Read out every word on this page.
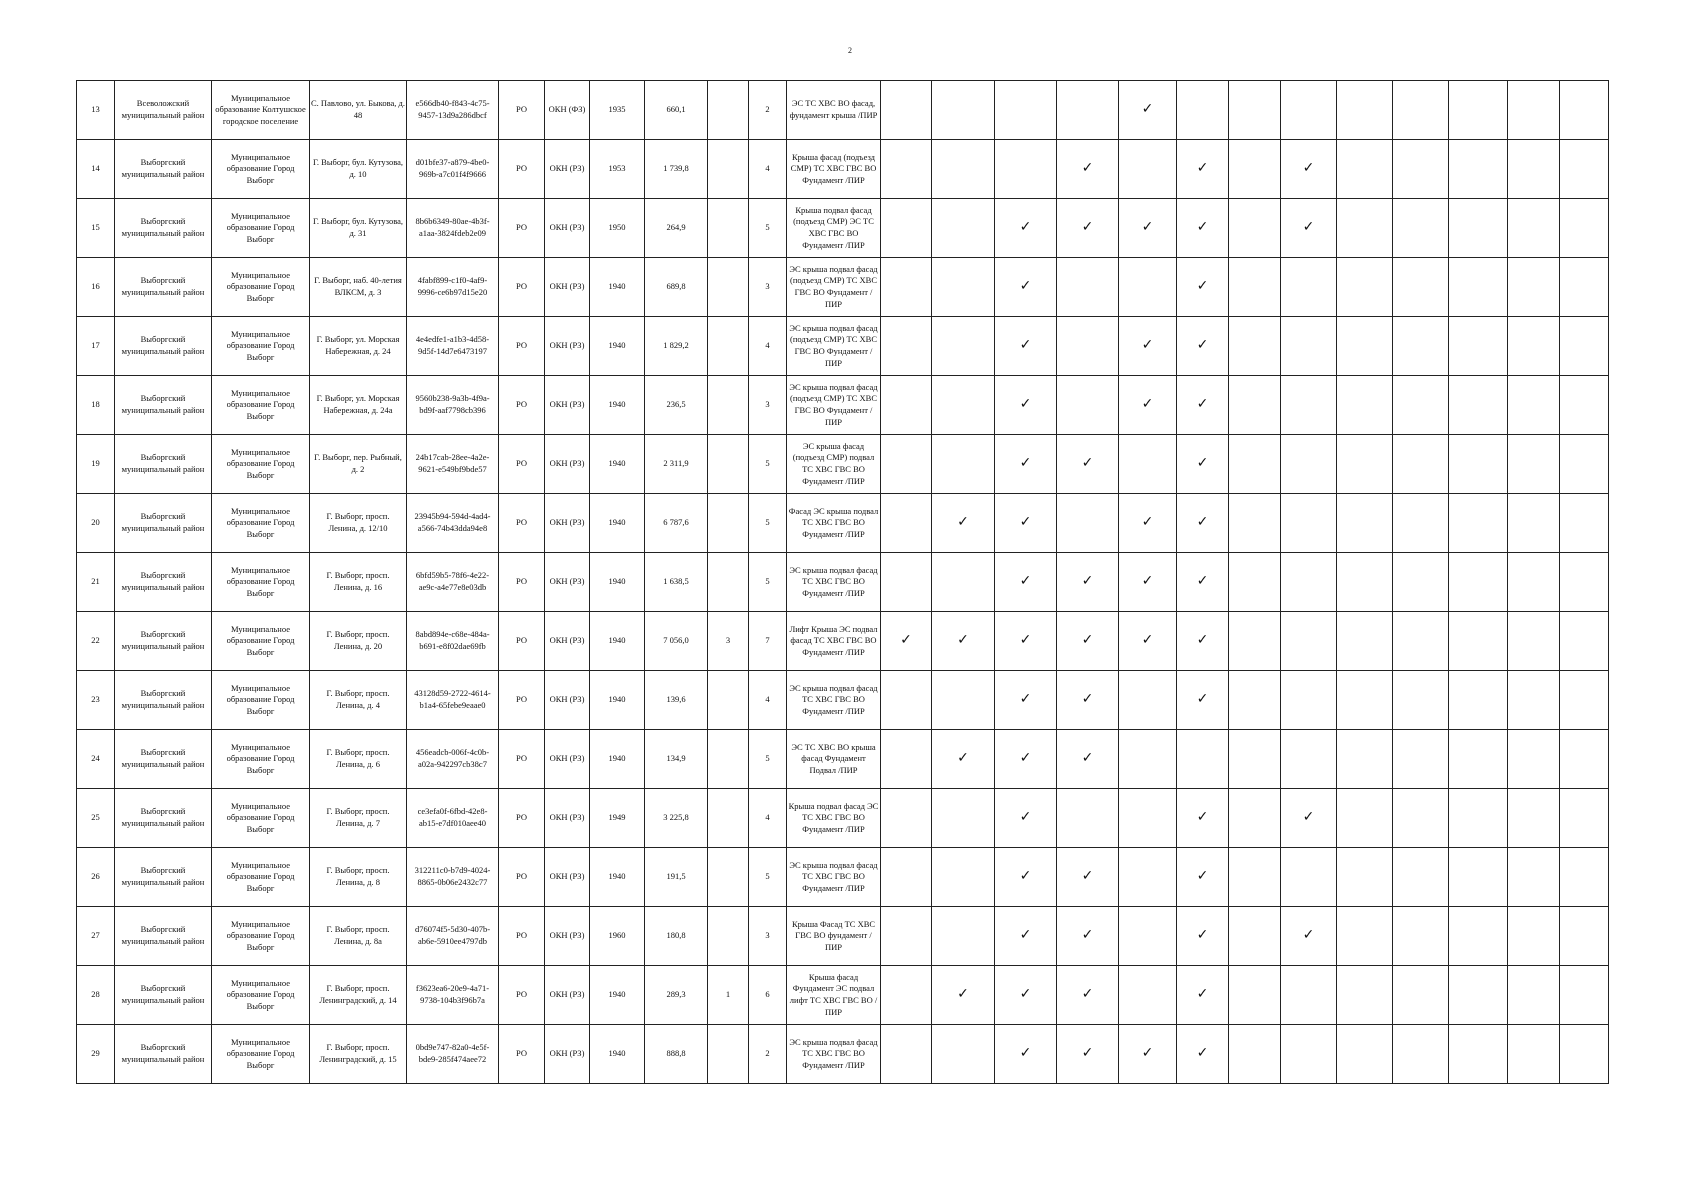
2
13	Всеволожский муниципальный район	Муниципальное образование Колтушское городское поселение	С. Павлово, ул. Быкова, д. 48	e566db40-f843-4c75-9457-13d9a286dbcf	РО	ОКН (ФЗ)	1935	660,1		2	ЭС ТС ХВС ВО фасад, фундамент крыша /ПИР					✓								
14	Выборгский муниципальный район	Муниципальное образование Город Выборг	Г. Выборг, бул. Кутузова, д. 10	d01bfe37-a879-4be0-969b-a7c01f4f9666	РО	ОКН (РЗ)	1953	1 739,8		4	Крыша фасад (подъезд СМР) ТС ХВС ГВС ВО Фундамент /ПИР				✓		✓		✓					
15	Выборгский муниципальный район	Муниципальное образование Город Выборг	Г. Выборг, бул. Кутузова, д. 31	8b6b6349-80ae-4b3f-a1aa-3824fdeb2e09	РО	ОКН (РЗ)	1950	264,9		5	Крыша подвал фасад (подъезд СМР) ЭС ТС ХВС ГВС ВО Фундамент /ПИР			✓	✓	✓	✓		✓					
16	Выборгский муниципальный район	Муниципальное образование Город Выборг	Г. Выборг, наб. 40-летия ВЛКСМ, д. 3	4fabf899-c1f0-4af9-9996-ce6b97d15e20	РО	ОКН (РЗ)	1940	689,8		3	ЭС крыша подвал фасад (подъезд СМР) ТС ХВС ГВС ВО Фундамент /ПИР			✓			✓							
17	Выборгский муниципальный район	Муниципальное образование Город Выборг	Г. Выборг, ул. Морская Набережная, д. 24	4e4edfe1-a1b3-4d58-9d5f-14d7e6473197	РО	ОКН (РЗ)	1940	1 829,2		4	ЭС крыша подвал фасад (подъезд СМР) ТС ХВС ГВС ВО Фундамент /ПИР			✓		✓	✓							
18	Выборгский муниципальный район	Муниципальное образование Город Выборг	Г. Выборг, ул. Морская Набережная, д. 24а	9560b238-9a3b-4f9a-bd9f-aaf7798cb396	РО	ОКН (РЗ)	1940	236,5		3	ЭС крыша подвал фасад (подъезд СМР) ТС ХВС ГВС ВО Фундамент /ПИР			✓		✓	✓							
19	Выборгский муниципальный район	Муниципальное образование Город Выборг	Г. Выборг, пер. Рыбный, д. 2	24b17cab-28ee-4a2e-9621-e549bf9bde57	РО	ОКН (РЗ)	1940	2 311,9		5	ЭС крыша фасад (подъезд СМР) подвал ТС ХВС ГВС ВО Фундамент /ПИР			✓	✓		✓							
20	Выборгский муниципальный район	Муниципальное образование Город Выборг	Г. Выборг, просп. Ленина, д. 12/10	23945b94-594d-4ad4-a566-74b43dda94e8	РО	ОКН (РЗ)	1940	6 787,6		5	Фасад ЭС крыша подвал ТС ХВС ГВС ВО Фундамент /ПИР		✓	✓		✓	✓							
21	Выборгский муниципальный район	Муниципальное образование Город Выборг	Г. Выборг, просп. Ленина, д. 16	6bfd59b5-78f6-4e22-ae9c-a4e77e8e03db	РО	ОКН (РЗ)	1940	1 638,5		5	ЭС крыша подвал фасад ТС ХВС ГВС ВО Фундамент /ПИР			✓	✓	✓	✓							
22	Выборгский муниципальный район	Муниципальное образование Город Выборг	Г. Выборг, просп. Ленина, д. 20	8abd894e-c68e-484a-b691-e8f02dae69fb	РО	ОКН (РЗ)	1940	7 056,0	3	7	Лифт Крыша ЭС подвал фасад ТС ХВС ГВС ВО Фундамент /ПИР	✓	✓	✓	✓	✓	✓							
23	Выборгский муниципальный район	Муниципальное образование Город Выборг	Г. Выборг, просп. Ленина, д. 4	43128d59-2722-4614-b1a4-65febe9eaae0	РО	ОКН (РЗ)	1940	139,6		4	ЭС крыша подвал фасад ТС ХВС ГВС ВО Фундамент /ПИР			✓	✓		✓							
24	Выборгский муниципальный район	Муниципальное образование Город Выборг	Г. Выборг, просп. Ленина, д. 6	456eadcb-006f-4c0b-a02a-942297cb38c7	РО	ОКН (РЗ)	1940	134,9		5	ЭС ТС ХВС ВО крыша фасад Фундамент Подвал /ПИР		✓	✓	✓									
25	Выборгский муниципальный район	Муниципальное образование Город Выборг	Г. Выборг, просп. Ленина, д. 7	ce3efa0f-6fbd-42e8-ab15-e7df010aee40	РО	ОКН (РЗ)	1949	3 225,8		4	Крыша подвал фасад ЭС ТС ХВС ГВС ВО Фундамент /ПИР			✓			✓		✓					
26	Выборгский муниципальный район	Муниципальное образование Город Выборг	Г. Выборг, просп. Ленина, д. 8	312211c0-b7d9-4024-8865-0b06e2432c77	РО	ОКН (РЗ)	1940	191,5		5	ЭС крыша подвал фасад ТС ХВС ГВС ВО Фундамент /ПИР			✓	✓		✓							
27	Выборгский муниципальный район	Муниципальное образование Город Выборг	Г. Выборг, просп. Ленина, д. 8а	d76074f5-5d30-407b-ab6e-5910ee4797db	РО	ОКН (РЗ)	1960	180,8		3	Крыша Фасад ТС ХВС ГВС ВО фундамент /ПИР			✓	✓		✓		✓					
28	Выборгский муниципальный район	Муниципальное образование Город Выборг	Г. Выборг, просп. Ленинградский, д. 14	f3623ea6-20e9-4a71-9738-104b3f96b7a	РО	ОКН (РЗ)	1940	289,3	1	6	Крыша фасад Фундамент ЭС подвал лифт ТС ХВС ГВС ВО /ПИР		✓	✓	✓		✓							
29	Выборгский муниципальный район	Муниципальное образование Город Выборг	Г. Выборг, просп. Ленинградский, д. 15	0bd9e747-82a0-4e5f-bde9-285f474aee72	РО	ОКН (РЗ)	1940	888,8		2	ЭС крыша подвал фасад ТС ХВС ГВС ВО Фундамент /ПИР			✓	✓	✓	✓							
